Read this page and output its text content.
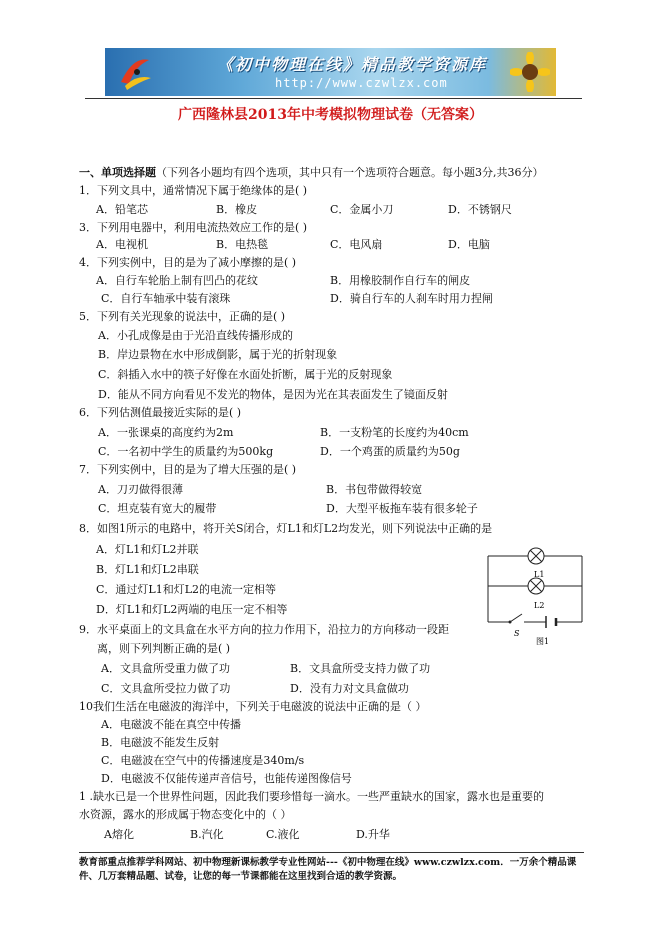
《初中物理在线》精品教学资源库
http://www.czwlzx.com
广西隆林县2013年中考模拟物理试卷（无答案）
一、单项选择题（下列各小题均有四个选项，其中只有一个选项符合题意。每小题3分,共36分）
1．下列文具中，通常情况下属于绝缘体的是( )
A．铅笔芯	B．橡皮	C．金属小刀	D．不锈钢尺
3．下列用电器中，利用电流热效应工作的是( )
A．电视机	B．电热毯	C．电风扇	D．电脑
4．下列实例中，目的是为了减小摩擦的是( )
A．自行车轮胎上制有凹凸的花纹	B．用橡胶制作自行车的闸皮
C．自行车轴承中装有滚珠	D．骑自行车的人刹车时用力捏闸
5．下列有关光现象的说法中，正确的是( )
A．小孔成像是由于光沿直线传播形成的
B．岸边景物在水中形成倒影，属于光的折射现象
C．斜插入水中的筷子好像在水面处折断，属于光的反射现象
D．能从不同方向看见不发光的物体，是因为光在其表面发生了镜面反射
6．下列估测值最接近实际的是( )
A．一张课桌的高度约为2m	B．一支粉笔的长度约为40cm
C．一名初中学生的质量约为500kg	D．一个鸡蛋的质量约为50g
7．下列实例中，目的是为了增大压强的是( )
A．刀刃做得很薄	B．书包带做得较宽
C．坦克装有宽大的履带	D．大型平板拖车装有很多轮子
8．如图1所示的电路中，将开关S闭合，灯L1和灯L2均发光，则下列说法中正确的是
A．灯L1和灯L2并联
B．灯L1和灯L2串联
C．通过灯L1和灯L2的电流一定相等
D．灯L1和灯L2两端的电压一定不相等
L1
L2
S
图1
9．水平桌面上的文具盒在水平方向的拉力作用下，沿拉力的方向移动一段距
离，则下列判断正确的是( )
A．文具盒所受重力做了功	B．文具盒所受支持力做了功
C．文具盒所受拉力做了功	D．没有力对文具盒做功
10我们生活在电磁波的海洋中，下列关于电磁波的说法中正确的是（ ）
A．电磁波不能在真空中传播
B．电磁波不能发生反射
C．电磁波在空气中的传播速度是340m/s
D．电磁波不仅能传递声音信号，也能传递图像信号
1 .缺水已是一个世界性问题，因此我们要珍惜每一滴水。一些严重缺水的国家，露水也是重要的
水资源，露水的形成属于物态变化中的（ ）
A熔化	B.汽化	C.液化	D.升华
教育部重点推荐学科网站、初中物理新课标教学专业性网站---《初中物理在线》www.czwlzx.com．一万余个精品课
件、几万套精品题、试卷，让您的每一节课都能在这里找到合适的教学资源。
